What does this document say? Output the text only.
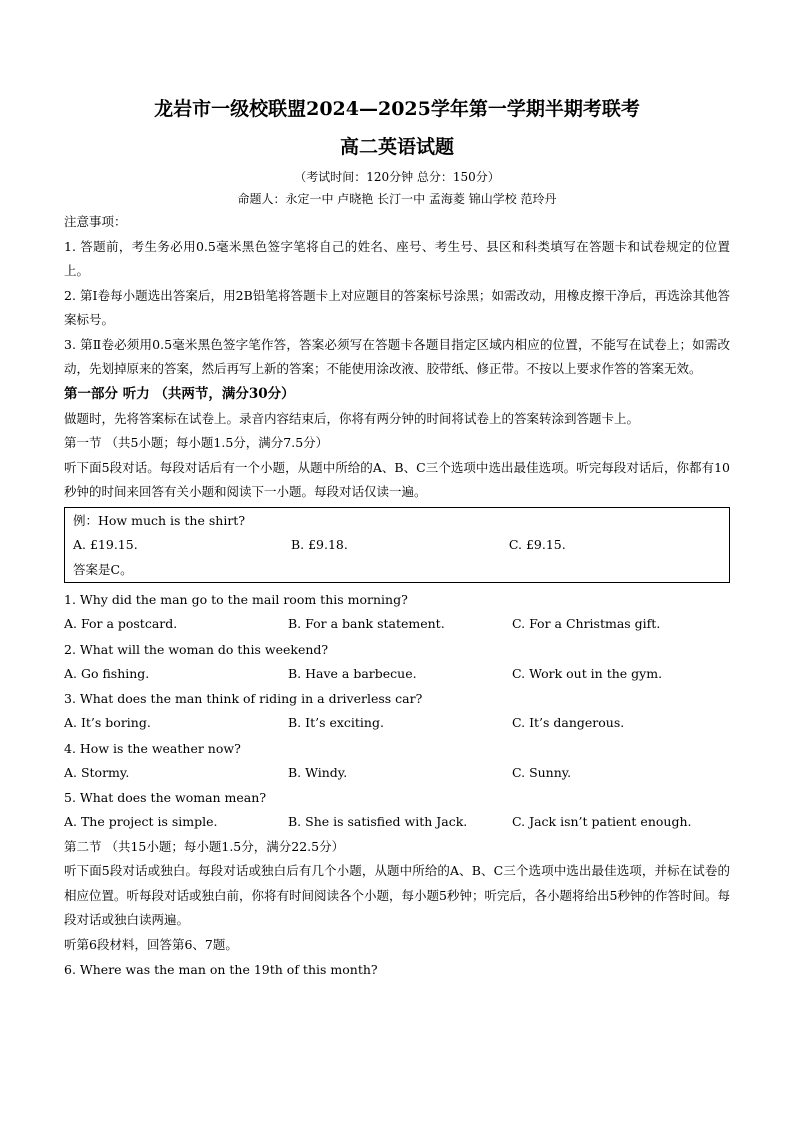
龙岩市一级校联盟2024—2025学年第一学期半期考联考
高二英语试题
（考试时间：120分钟 总分：150分）
命题人：永定一中 卢晓艳 长汀一中 孟海菱 锦山学校 范玲丹
注意事项：
1. 答题前，考生务必用0.5毫米黑色签字笔将自己的姓名、座号、考生号、县区和科类填写在答题卡和试卷规定的位置上。
2. 第Ⅰ卷每小题选出答案后，用2B铅笔将答题卡上对应题目的答案标号涂黑；如需改动，用橡皮擦干净后，再选涂其他答案标号。
3. 第Ⅱ卷必须用0.5毫米黑色签字笔作答，答案必须写在答题卡各题目指定区域内相应的位置，不能写在试卷上；如需改动，先划掉原来的答案，然后再写上新的答案；不能使用涂改液、胶带纸、修正带。不按以上要求作答的答案无效。
第一部分 听力 （共两节，满分30分）
做题时，先将答案标在试卷上。录音内容结束后，你将有两分钟的时间将试卷上的答案转涂到答题卡上。
第一节 （共5小题；每小题1.5分，满分7.5分）
听下面5段对话。每段对话后有一个小题，从题中所给的A、B、C三个选项中选出最佳选项。听完每段对话后，你都有10秒钟的时间来回答有关小题和阅读下一小题。每段对话仅读一遍。
例：How much is the shirt?
A. £19.15.	B. £9.18.	C. £9.15.
答案是C。
1. Why did the man go to the mail room this morning?
A. For a postcard.	B. For a bank statement.	C. For a Christmas gift.
2. What will the woman do this weekend?
A. Go fishing.	B. Have a barbecue.	C. Work out in the gym.
3. What does the man think of riding in a driverless car?
A. It’s boring.	B. It’s exciting.	C. It’s dangerous.
4. How is the weather now?
A. Stormy.	B. Windy.	C. Sunny.
5. What does the woman mean?
A. The project is simple.	B. She is satisfied with Jack.	C. Jack isn’t patient enough.
第二节 （共15小题；每小题1.5分，满分22.5分）
听下面5段对话或独白。每段对话或独白后有几个小题，从题中所给的A、B、C三个选项中选出最佳选项，并标在试卷的相应位置。听每段对话或独白前，你将有时间阅读各个小题，每小题5秒钟；听完后，各小题将给出5秒钟的作答时间。每段对话或独白读两遍。
听第6段材料，回答第6、7题。
6. Where was the man on the 19th of this month?
